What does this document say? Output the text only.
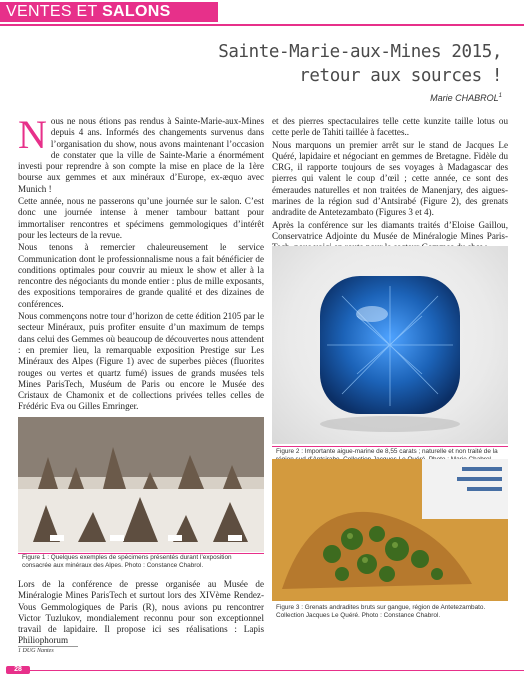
VENTES ET SALONS
Sainte-Marie-aux-Mines 2015,
retour aux sources !
Marie CHABROL$^1$

Nous ne nous étions pas rendus à Sainte-Marie-aux-Mines depuis 4 ans. Informés des changements survenus dans l’organisation du show, nous avons maintenant l’occasion de constater que la ville de Sainte-Marie a énormément investi pour reprendre à son compte la mise en place de la 1ère bourse aux gemmes et aux minéraux d’Europe, ex-æquo avec Munich !

Cette année, nous ne passerons qu’une journée sur le salon. C’est donc une journée intense à mener tambour battant pour immortaliser rencontres et spécimens gemmologiques d’intérêt pour les lecteurs de la revue.

Nous tenons à remercier chaleureusement le service Communication dont le professionnalisme nous a fait bénéficier de conditions optimales pour couvrir au mieux le show et aller à la rencontre des négociants du monde entier : plus de mille exposants, des expositions temporaires de grande qualité et des dizaines de conférences.

Nous commençons notre tour d’horizon de cette édition 2105 par le secteur Minéraux, puis profiter ensuite d’un maximum de temps dans celui des Gemmes où beaucoup de découvertes nous attendent : en premier lieu, la remarquable exposition Prestige sur Les Minéraux des Alpes (Figure 1) avec de superbes pièces (fluorites rouges ou vertes et quartz fumé) issues de grands musées tels Mines ParisTech, Muséum de Paris ou encore le Musée des Cristaux de Chamonix et de collections privées telles celles de Frédéric Eva ou Gilles Emringer.

Figure 1 : Quelques exemples de spécimens présentés durant l’exposition consacrée aux minéraux des Alpes. Photo : Constance Chabrol.

Lors de la conférence de presse organisée au Musée de Minéralogie Mines ParisTech et surtout lors des XIVème Rendez-Vous Gemmologiques de Paris (R), nous avions pu rencontrer Victor Tuzlukov, mondialement reconnu pour son exceptionnel travail de lapidaire. Il propose ici ses réalisations : Lapis Philiophorum

et des pierres spectaculaires telle cette kunzite taille lotus ou cette perle de Tahiti taillée à facettes..

Nous marquons un premier arrêt sur le stand de Jacques Le Quéré, lapidaire et négociant en gemmes de Bretagne. Fidèle du CRG, il rapporte toujours de ses voyages à Madagascar des pierres qui valent le coup d’œil ; cette année, ce sont des émeraudes naturelles et non traitées de Manenjary, des aigues-marines de la région sud d’Antsirabé (Figure 2), des grenats andradite de Antetezambato (Figures 3 et 4).

Après la conférence sur les diamants traités d’Eloise Gaillou, Conservatrice Adjointe du Musée de Minéralogie Mines Paris-

Figure 2 : Importante aigue-marine de 8,55 carats ; naturelle et non traité de la
Figure 3 : Grenats andradites bruts sur gangue, région de Antetezambato. Collection Jacques Le Quéré. Photo : Constance Chabrol.
1 DUG Nantes
28
